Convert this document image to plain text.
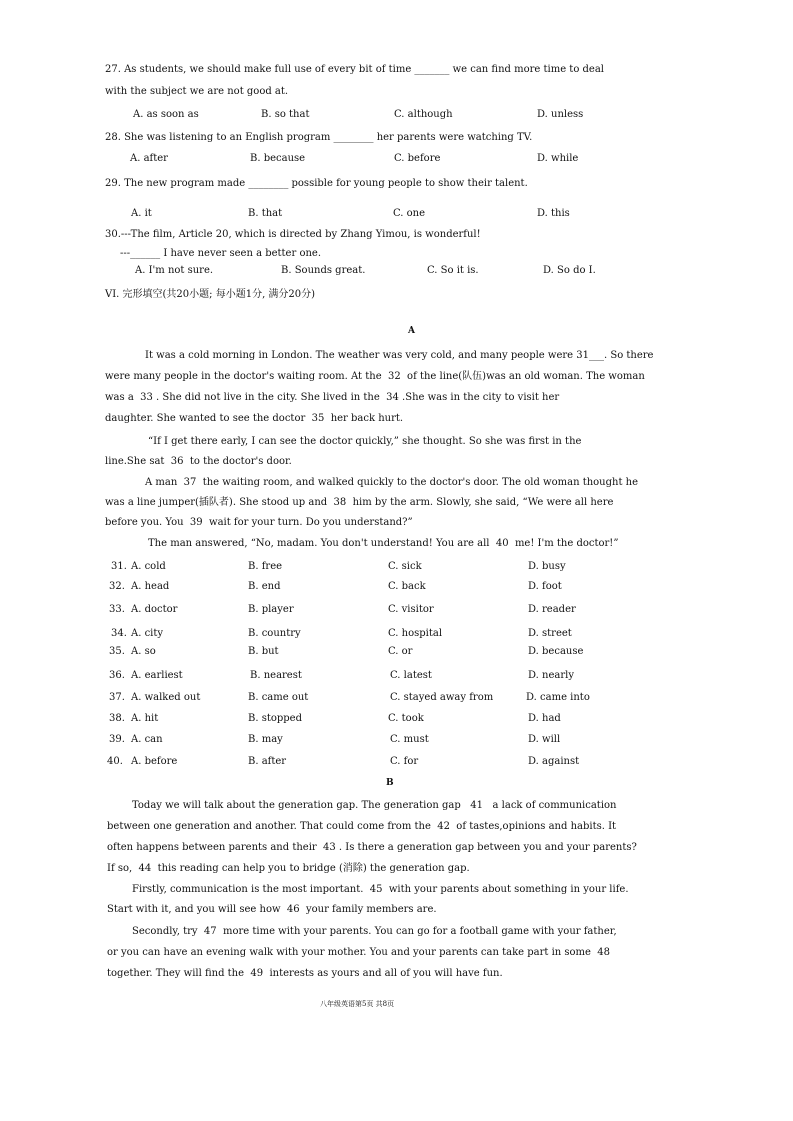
27. As students, we should make full use of every bit of time _______ we can find more time to deal
with the subject we are not good at.
A. as soon as	B. so that	C. although	D. unless
28. She was listening to an English program ________ her parents were watching TV.
A. after	B. because	C. before	D. while
29. The new program made ________ possible for young people to show their talent.
A. it	B. that	C. one	D. this
30.---The film, Article 20, which is directed by Zhang Yimou, is wonderful!
---______ I have never seen a better one.
A. I'm not sure.	B. Sounds great.	C. So it is.	D. So do I.
VI. 完形填空(共20小题; 每小题1分, 满分20分)
A
It was a cold morning in London. The weather was very cold, and many people were 31___. So there
were many people in the doctor's waiting room. At the  32  of the line(队伍)was an old woman. The woman
was a  33 . She did not live in the city. She lived in the  34 .She was in the city to visit her
daughter. She wanted to see the doctor  35  her back hurt.
“If I get there early, I can see the doctor quickly,” she thought. So she was first in the
line.She sat  36  to the doctor's door.
A man  37  the waiting room, and walked quickly to the doctor's door. The old woman thought he
was a line jumper(插队者). She stood up and  38  him by the arm. Slowly, she said, “We were all here
before you. You  39  wait for your turn. Do you understand?”
The man answered, “No, madam. You don't understand! You are all  40  me! I'm the doctor!”
31. A. cold	B. free	C. sick	D. busy
32. A. head	B. end	C. back	D. foot
33. A. doctor	B. player	C. visitor	D. reader
34. A. city	B. country	C. hospital	D. street
35. A. so	B. but	C. or	D. because
36. A. earliest	B. nearest	C. latest	D. nearly
37. A. walked out	B. came out	C. stayed away from	D. came into
38. A. hit	B. stopped	C. took	D. had
39. A. can	B. may	C. must	D. will
40. A. before	B. after	C. for	D. against
B
Today we will talk about the generation gap. The generation gap   41   a lack of communication
between one generation and another. That could come from the  42  of tastes,opinions and habits. It
often happens between parents and their  43 . Is there a generation gap between you and your parents?
If so,  44  this reading can help you to bridge (消除) the generation gap.
Firstly, communication is the most important.  45  with your parents about something in your life.
Start with it, and you will see how  46  your family members are.
Secondly, try  47  more time with your parents. You can go for a football game with your father,
or you can have an evening walk with your mother. You and your parents can take part in some  48
together. They will find the  49  interests as yours and all of you will have fun.
八年级英语第5页 共8页
